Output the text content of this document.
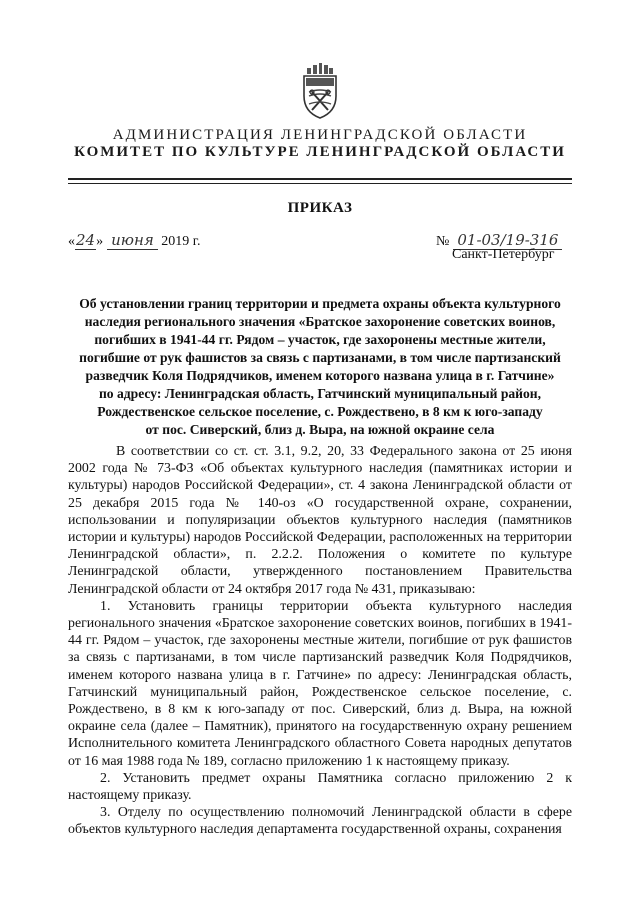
АДМИНИСТРАЦИЯ ЛЕНИНГРАДСКОЙ ОБЛАСТИ
КОМИТЕТ ПО КУЛЬТУРЕ ЛЕНИНГРАДСКОЙ ОБЛАСТИ
ПРИКАЗ
«24» июня 2019 г.	№ 01-03/19-316
Санкт-Петербург
Об установлении границ территории и предмета охраны объекта культурного
наследия регионального значения «Братское захоронение советских воинов,
погибших в 1941-44 гг. Рядом – участок, где захоронены местные жители,
погибшие от рук фашистов за связь с партизанами, в том числе партизанский
разведчик Коля Подрядчиков, именем которого названа улица в г. Гатчине»
по адресу: Ленинградская область, Гатчинский муниципальный район,
Рождественское сельское поселение, с. Рождествено, в 8 км к юго-западу
от пос. Сиверский, близ д. Выра, на южной окраине села

В соответствии со ст. ст. 3.1, 9.2, 20, 33 Федерального закона от 25 июня 2002 года № 73-ФЗ «Об объектах культурного наследия (памятниках истории и культуры) народов Российской Федерации», ст. 4 закона Ленинградской области от 25 декабря 2015 года № 140-оз «О государственной охране, сохранении, использовании и популяризации объектов культурного наследия (памятников истории и культуры) народов Российской Федерации, расположенных на территории Ленинградской области», п. 2.2.2. Положения о комитете по культуре Ленинградской области, утвержденного постановлением Правительства Ленинградской области от 24 октября 2017 года № 431, приказываю:

1. Установить границы территории объекта культурного наследия регионального значения «Братское захоронение советских воинов, погибших в 1941-44 гг. Рядом – участок, где захоронены местные жители, погибшие от рук фашистов за связь с партизанами, в том числе партизанский разведчик Коля Подрядчиков, именем которого названа улица в г. Гатчине» по адресу: Ленинградская область, Гатчинский муниципальный район, Рождественское сельское поселение, с. Рождествено, в 8 км к юго-западу от пос. Сиверский, близ д. Выра, на южной окраине села (далее – Памятник), принятого на государственную охрану решением Исполнительного комитета Ленинградского областного Совета народных депутатов от 16 мая 1988 года № 189, согласно приложению 1 к настоящему приказу.

2. Установить предмет охраны Памятника согласно приложению 2 к настоящему приказу.

3. Отделу по осуществлению полномочий Ленинградской области в сфере объектов культурного наследия департамента государственной охраны, сохранения
